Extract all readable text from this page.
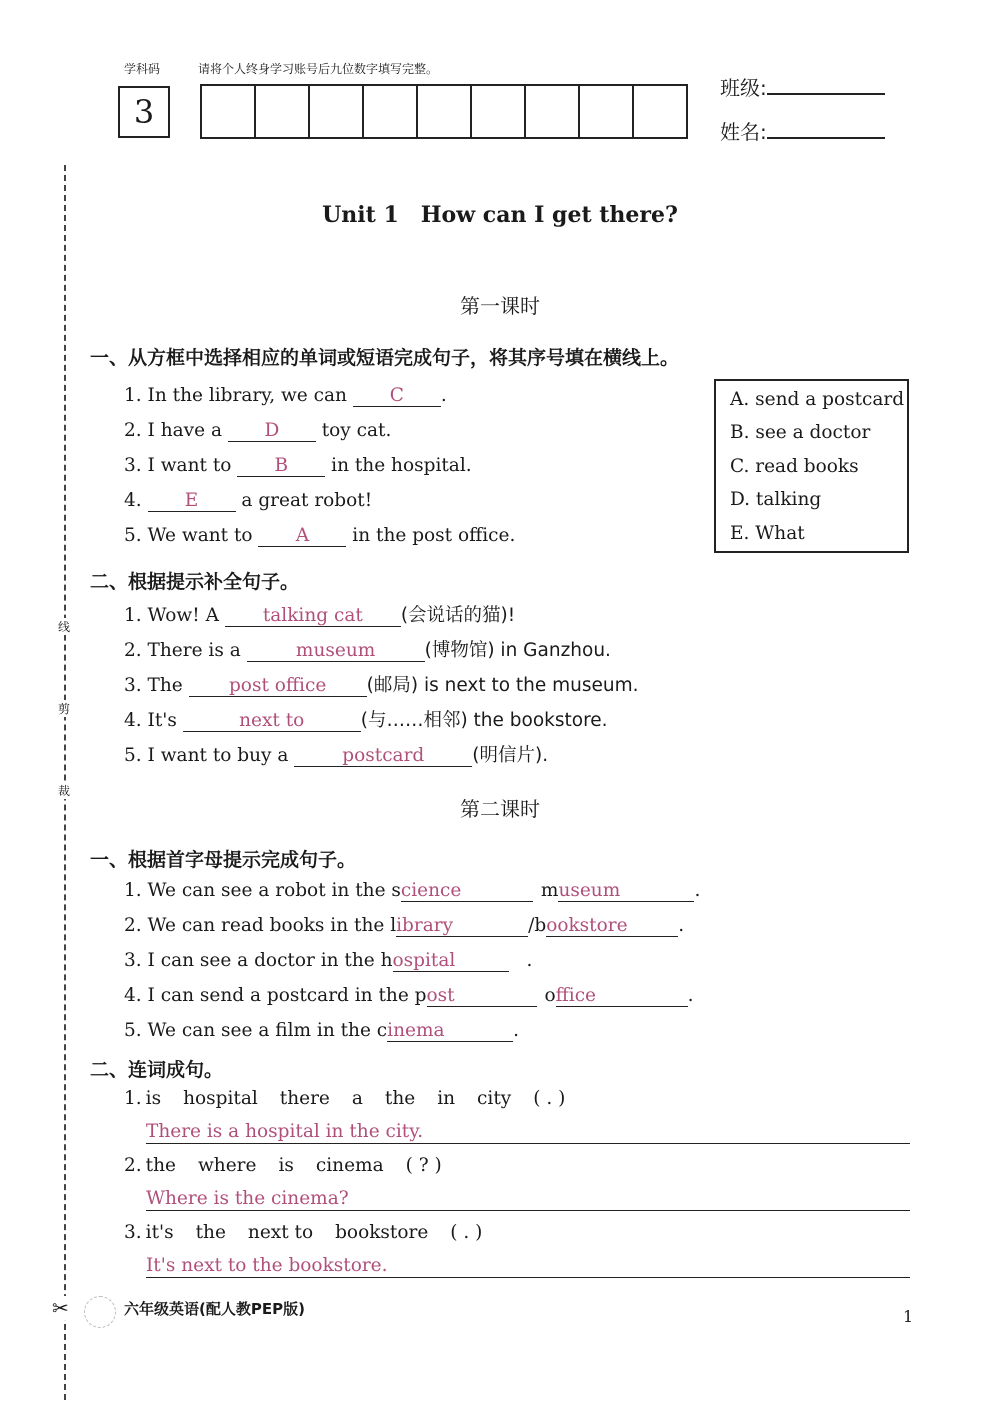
学科码	请将个人终身学习账号后九位数字填写完整。
3
班级:
姓名:
线
剪
裁
✂
Unit 1　How can I get there?
第一课时
一、从方框中选择相应的单词或短语完成句子，将其序号填在横线上。
1. In the library, we can C .
2. I have a D toy cat.
3. I want to B in the hospital.
4. E a great robot!
5. We want to A in the post office.
A. send a postcard
B. see a doctor
C. read books
D. talking
E. What
二、根据提示补全句子。
1. Wow! A talking cat (会说话的猫)!
2. There is a	museum	(博物馆) in Ganzhou.
3. The post office (邮局) is next to the museum.
4. It's	next to	(与……相邻) the bookstore.
5. I want to buy a	postcard	(明信片).
第二课时
一、根据首字母提示完成句子。
1. We can see a robot in the science	museum	.
2. We can read books in the library	/bookstore	.
3. I can see a doctor in the hospital	.
4. I can send a postcard in the post	office	.
5. We can see a film in the cinema	.
二、连词成句。
1. is hospital there a the in city ( . )
There is a hospital in the city.
2. the where is cinema ( ? )
Where is the cinema?
3. it's the next to bookstore ( . )
It's next to the bookstore.
六年级英语(配人教PEP版)	1
